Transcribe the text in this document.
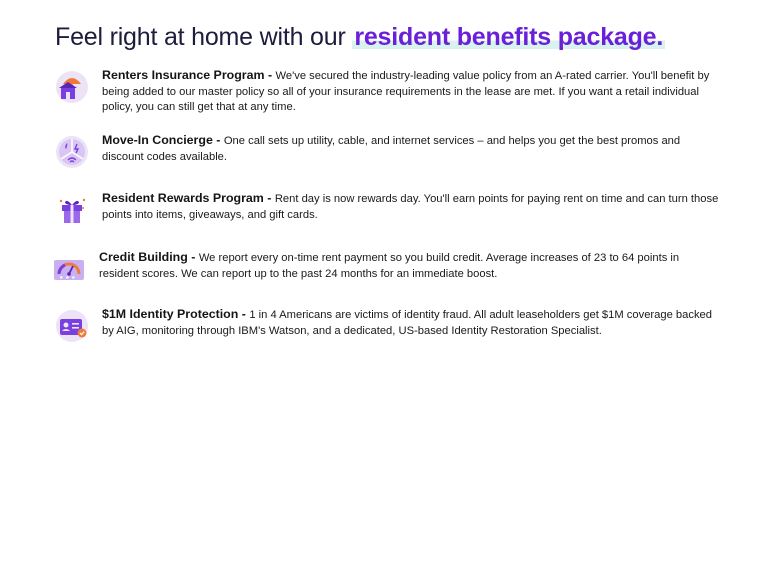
Feel right at home with our resident benefits package.
Renters Insurance Program - We've secured the industry-leading value policy from an A-rated carrier. You'll benefit by being added to our master policy so all of your insurance requirements in the lease are met. If you want a retail individual policy, you can still get that at any time.
Move-In Concierge - One call sets up utility, cable, and internet services – and helps you get the best promos and discount codes available.
Resident Rewards Program - Rent day is now rewards day. You'll earn points for paying rent on time and can turn those points into items, giveaways, and gift cards.
★ ★ ★
Credit Building - We report every on-time rent payment so you build credit. Average increases of 23 to 64 points in resident scores. We can report up to the past 24 months for an immediate boost.
$1M Identity Protection - 1 in 4 Americans are victims of identity fraud. All adult leaseholders get $1M coverage backed by AIG, monitoring through IBM's Watson, and a dedicated, US-based Identity Restoration Specialist.
